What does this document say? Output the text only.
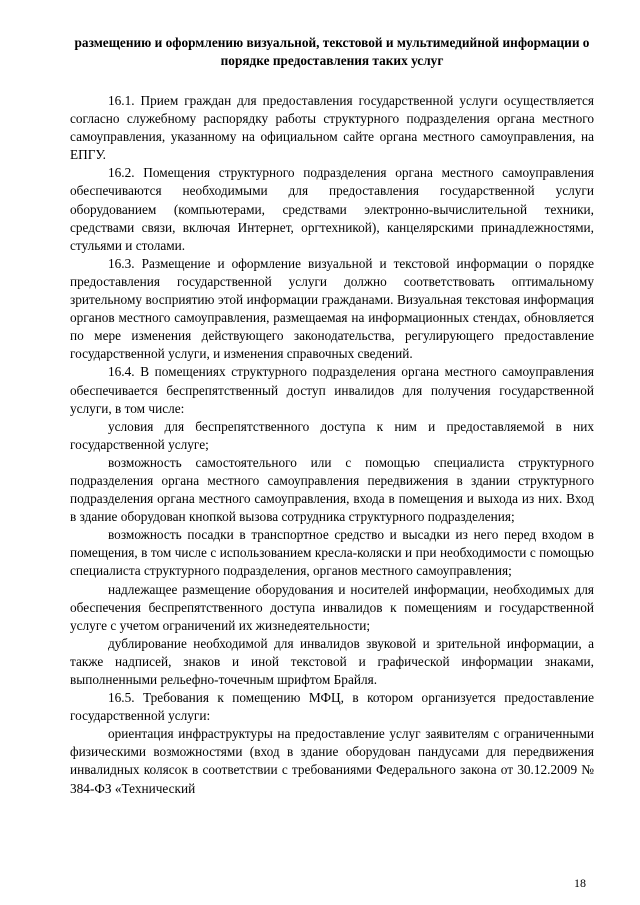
размещению и оформлению визуальной, текстовой и мультимедийной информации о порядке предоставления таких услуг

16.1. Прием граждан для предоставления государственной услуги осуществляется согласно служебному распорядку работы структурного подразделения органа местного самоуправления, указанному на официальном сайте органа местного самоуправления, на ЕПГУ.

16.2. Помещения структурного подразделения органа местного самоуправления обеспечиваются необходимыми для предоставления государственной услуги оборудованием (компьютерами, средствами электронно-вычислительной техники, средствами связи, включая Интернет, оргтехникой), канцелярскими принадлежностями, стульями и столами.

16.3. Размещение и оформление визуальной и текстовой информации о порядке предоставления государственной услуги должно соответствовать оптимальному зрительному восприятию этой информации гражданами. Визуальная текстовая информация органов местного самоуправления, размещаемая на информационных стендах, обновляется по мере изменения действующего законодательства, регулирующего предоставление государственной услуги, и изменения справочных сведений.

16.4. В помещениях структурного подразделения органа местного самоуправления обеспечивается беспрепятственный доступ инвалидов для получения государственной услуги, в том числе:

условия для беспрепятственного доступа к ним и предоставляемой в них государственной услуге;

возможность самостоятельного или с помощью специалиста структурного подразделения органа местного самоуправления передвижения в здании структурного подразделения органа местного самоуправления, входа в помещения и выхода из них. Вход в здание оборудован кнопкой вызова сотрудника структурного подразделения;

возможность посадки в транспортное средство и высадки из него перед входом в помещения, в том числе с использованием кресла-коляски и при необходимости с помощью специалиста структурного подразделения, органов местного самоуправления;

надлежащее размещение оборудования и носителей информации, необходимых для обеспечения беспрепятственного доступа инвалидов к помещениям и государственной услуге с учетом ограничений их жизнедеятельности;

дублирование необходимой для инвалидов звуковой и зрительной информации, а также надписей, знаков и иной текстовой и графической информации знаками, выполненными рельефно-точечным шрифтом Брайля.

16.5. Требования к помещению МФЦ, в котором организуется предоставление государственной услуги:

ориентация инфраструктуры на предоставление услуг заявителям с ограниченными физическими возможностями (вход в здание оборудован пандусами для передвижения инвалидных колясок в соответствии с требованиями Федерального закона от 30.12.2009 № 384-ФЗ «Технический

18
